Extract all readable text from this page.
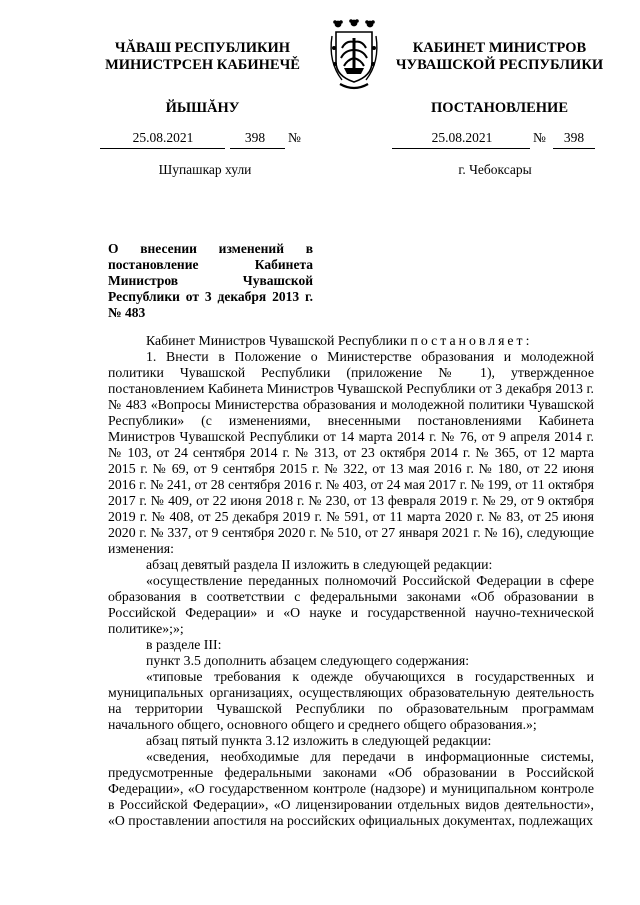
ЧĂВАШ РЕСПУБЛИКИН
МИНИСТРСЕН КАБИНЕЧĚ
ЙЫШĂНУ
КАБИНЕТ МИНИСТРОВ
ЧУВАШСКОЙ РЕСПУБЛИКИ
ПОСТАНОВЛЕНИЕ
25.08.2021	398	№	25.08.2021	№	398
Шупашкар хули	г. Чебоксары
О внесении изменений в постановление Кабинета Министров Чувашской Республики от 3 декабря 2013 г. № 483

Кабинет Министров Чувашской Республики постановляет:

1. Внести в Положение о Министерстве образования и молодежной политики Чувашской Республики (приложение № 1), утвержденное постановлением Кабинета Министров Чувашской Республики от 3 декабря 2013 г. № 483 «Вопросы Министерства образования и молодежной политики Чувашской Республики» (с изменениями, внесенными постановлениями Кабинета Министров Чувашской Республики от 14 марта 2014 г. № 76, от 9 апреля 2014 г. № 103, от 24 сентября 2014 г. № 313, от 23 октября 2014 г. № 365, от 12 марта 2015 г. № 69, от 9 сентября 2015 г. № 322, от 13 мая 2016 г. № 180, от 22 июня 2016 г. № 241, от 28 сентября 2016 г. № 403, от 24 мая 2017 г. № 199, от 11 октября 2017 г. № 409, от 22 июня 2018 г. № 230, от 13 февраля 2019 г. № 29, от 9 октября 2019 г. № 408, от 25 декабря 2019 г. № 591, от 11 марта 2020 г. № 83, от 25 июня 2020 г. № 337, от 9 сентября 2020 г. № 510, от 27 января 2021 г. № 16), следующие изменения:

абзац девятый раздела II изложить в следующей редакции:

«осуществление переданных полномочий Российской Федерации в сфере образования в соответствии с федеральными законами «Об образовании в Российской Федерации» и «О науке и государственной научно-технической политике»;»;

в разделе III:

пункт 3.5 дополнить абзацем следующего содержания:

«типовые требования к одежде обучающихся в государственных и муниципальных организациях, осуществляющих образовательную деятельность на территории Чувашской Республики по образовательным программам начального общего, основного общего и среднего общего образования.»;

абзац пятый пункта 3.12 изложить в следующей редакции:

«сведения, необходимые для передачи в информационные системы, предусмотренные федеральными законами «Об образовании в Российской Федерации», «О государственном контроле (надзоре) и муниципальном контроле в Российской Федерации», «О лицензировании отдельных видов деятельности», «О проставлении апостиля на российских официальных документах, подлежащих
